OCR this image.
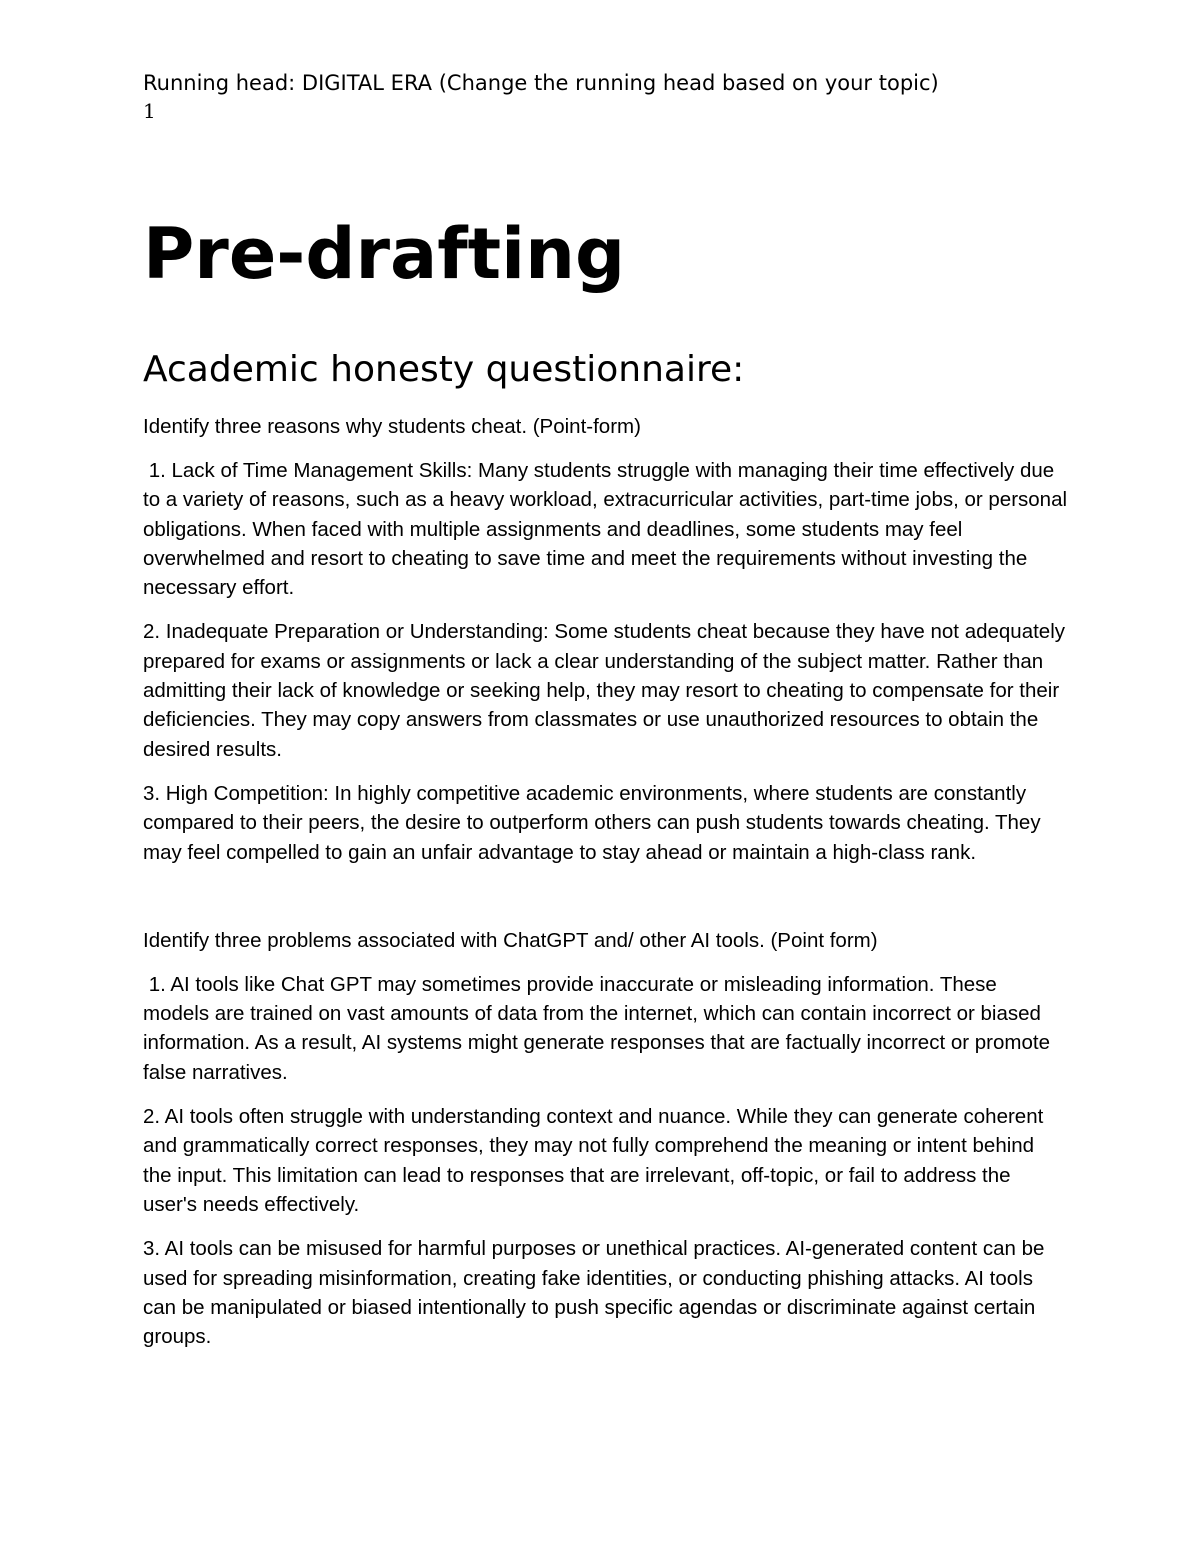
Running head: DIGITAL ERA (Change the running head based on your topic)

1

Pre-drafting
Academic honesty questionnaire:

Identify three reasons why students cheat. (Point-form)

1. Lack of Time Management Skills: Many students struggle with managing their time effectively due to a variety of reasons, such as a heavy workload, extracurricular activities, part-time jobs, or personal obligations. When faced with multiple assignments and deadlines, some students may feel overwhelmed and resort to cheating to save time and meet the requirements without investing the necessary effort.

2. Inadequate Preparation or Understanding: Some students cheat because they have not adequately prepared for exams or assignments or lack a clear understanding of the subject matter. Rather than admitting their lack of knowledge or seeking help, they may resort to cheating to compensate for their deficiencies. They may copy answers from classmates or use unauthorized resources to obtain the desired results.

3. High Competition: In highly competitive academic environments, where students are constantly compared to their peers, the desire to outperform others can push students towards cheating. They may feel compelled to gain an unfair advantage to stay ahead or maintain a high-class rank.

Identify three problems associated with ChatGPT and/ other AI tools. (Point form)

1. AI tools like Chat GPT may sometimes provide inaccurate or misleading information. These models are trained on vast amounts of data from the internet, which can contain incorrect or biased information. As a result, AI systems might generate responses that are factually incorrect or promote false narratives.

2. AI tools often struggle with understanding context and nuance. While they can generate coherent and grammatically correct responses, they may not fully comprehend the meaning or intent behind the input. This limitation can lead to responses that are irrelevant, off-topic, or fail to address the user's needs effectively.

3. AI tools can be misused for harmful purposes or unethical practices. AI-generated content can be used for spreading misinformation, creating fake identities, or conducting phishing attacks. AI tools can be manipulated or biased intentionally to push specific agendas or discriminate against certain groups.
